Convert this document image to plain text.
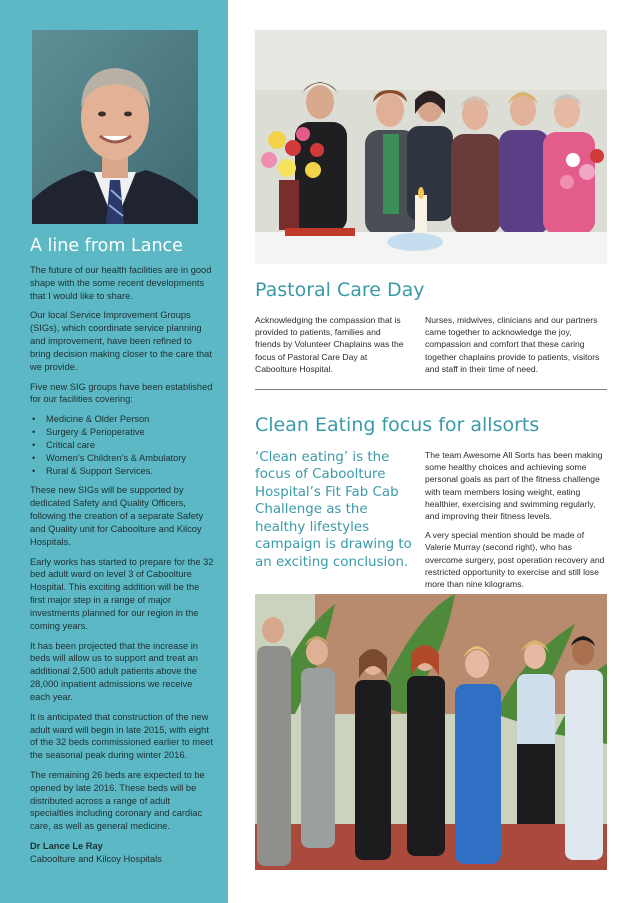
A line from Lance

The future of our health facilities are in good shape with the some recent developments that I would like to share.

Our local Service Improvement Groups (SIGs), which coordinate service planning and improvement, have been refined to bring decision making closer to the care that we provide.

Five new SIG groups have been established for our facilities covering:

• Medicine & Older Person
• Surgery & Perioperative
• Critical care
• Women’s Children’s & Ambulatory
• Rural & Support Services.

These new SIGs will be supported by dedicated Safety and Quality Officers, following the creation of a separate Safety and Quality unit for Caboolture and Kilcoy Hospitals.

Early works has started to prepare for the 32 bed adult ward on level 3 of Caboolture Hospital. This exciting addition will be the first major step in a range of major investments planned for our region in the coming years.

It has been projected that the increase in beds will allow us to support and treat an additional 2,500 adult patients above the 28,000 inpatient admissions we receive each year.

It is anticipated that construction of the new adult ward will begin in late 2015, with eight of the 32 beds commissioned earlier to meet the seasonal peak during winter 2016.

The remaining 26 beds are expected to be opened by late 2016. These beds will be distributed across a range of adult specialties including coronary and cardiac care, as well as general medicine.

Dr Lance Le Ray

Caboolture and Kilcoy Hospitals

Pastoral Care Day

Acknowledging the compassion that is provided to patients, families and friends by Volunteer Chaplains was the focus of Pastoral Care Day at Caboolture Hospital.

Nurses, midwives, clinicians and our partners came together to acknowledge the joy, compassion and comfort that these caring together chaplains provide to patients, visitors and staff in their time of need.

Clean Eating focus for allsorts

‘Clean eating’ is the focus of Caboolture Hospital’s Fit Fab Cab Challenge as the healthy lifestyles campaign is drawing to an exciting conclusion.

The team Awesome All Sorts has been making some healthy choices and achieving some personal goals as part of the fitness challenge with team members losing weight, eating healthier, exercising and swimming regularly, and improving their fitness levels.

A very special mention should be made of Valerie Murray (second right), who has overcome surgery, post operation recovery and restricted opportunity to exercise and still lose more than nine kilograms.
